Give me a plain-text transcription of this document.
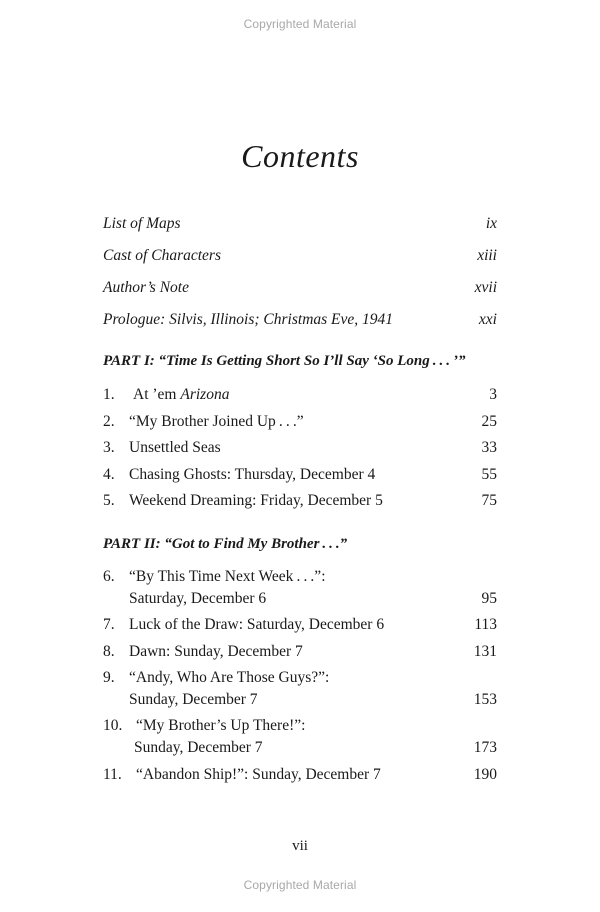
Copyrighted Material
Contents
List of Maps	ix
Cast of Characters	xiii
Author’s Note	xvii
Prologue: Silvis, Illinois; Christmas Eve, 1941	xxi
PART I: “Time Is Getting Short So I’ll Say ‘So Long . . . ’”
1.	At ’em Arizona	3
2. “My Brother Joined Up . . .”	25
3. Unsettled Seas	33
4. Chasing Ghosts: Thursday, December 4	55
5. Weekend Dreaming: Friday, December 5	75
PART II: “Got to Find My Brother . . .”
6. “By This Time Next Week . . .”:
Saturday, December 6	95
7. Luck of the Draw: Saturday, December 6	113
8. Dawn: Sunday, December 7	131
9. “Andy, Who Are Those Guys?”:
Sunday, December 7	153
10. “My Brother’s Up There!”:
Sunday, December 7	173
11. “Abandon Ship!”: Sunday, December 7	190
vii
Copyrighted Material
